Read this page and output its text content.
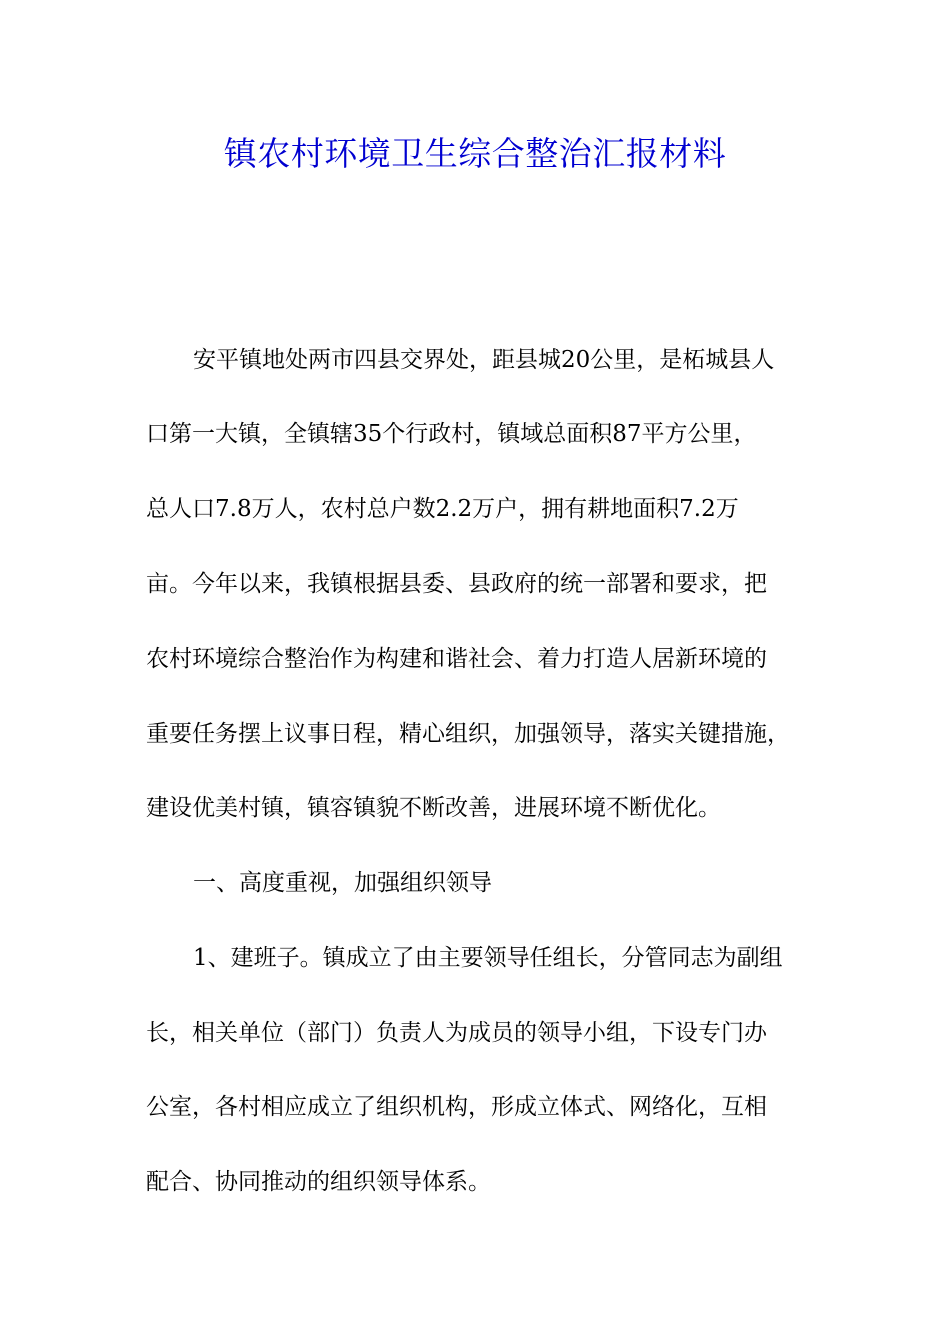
镇农村环境卫生综合整治汇报材料
安平镇地处两市四县交界处，距县城20公里，是柘城县人
口第一大镇，全镇辖35个行政村，镇域总面积87平方公里，
总人口7.8万人，农村总户数2.2万户，拥有耕地面积7.2万
亩。今年以来，我镇根据县委、县政府的统一部署和要求，把
农村环境综合整治作为构建和谐社会、着力打造人居新环境的
重要任务摆上议事日程，精心组织，加强领导，落实关键措施，
建设优美村镇，镇容镇貌不断改善，进展环境不断优化。
一、高度重视，加强组织领导
1、建班子。镇成立了由主要领导任组长，分管同志为副组
长，相关单位（部门）负责人为成员的领导小组，下设专门办
公室，各村相应成立了组织机构，形成立体式、网络化，互相
配合、协同推动的组织领导体系。
